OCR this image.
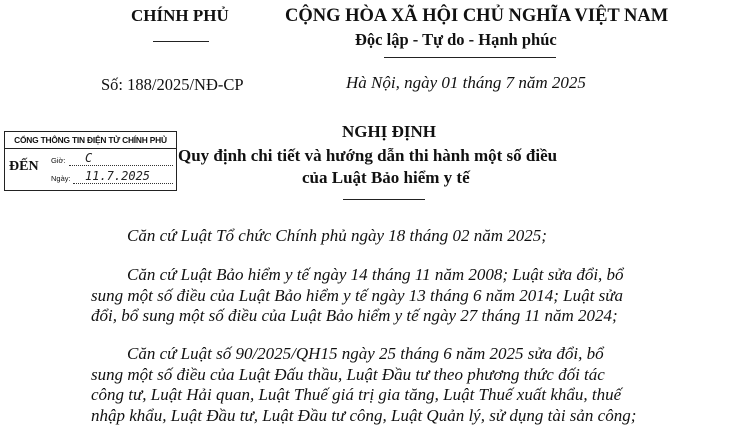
CHÍNH PHỦ	CỘNG HÒA XÃ HỘI CHỦ NGHĨA VIỆT NAM
Độc lập - Tự do - Hạnh phúc
Số: 188/2025/NĐ-CP	Hà Nội, ngày 01 tháng 7 năm 2025
CỔNG THÔNG TIN ĐIỆN TỬ CHÍNH PHỦ
ĐẾN Giờ: C
Ngày: 11.7.2025
NGHỊ ĐỊNH
Quy định chi tiết và hướng dẫn thi hành một số điều
của Luật Bảo hiểm y tế
Căn cứ Luật Tổ chức Chính phủ ngày 18 tháng 02 năm 2025;
Căn cứ Luật Bảo hiểm y tế ngày 14 tháng 11 năm 2008; Luật sửa đổi, bổ
sung một số điều của Luật Bảo hiểm y tế ngày 13 tháng 6 năm 2014; Luật sửa
đổi, bổ sung một số điều của Luật Bảo hiểm y tế ngày 27 tháng 11 năm 2024;
Căn cứ Luật số 90/2025/QH15 ngày 25 tháng 6 năm 2025 sửa đổi, bổ
sung một số điều của Luật Đấu thầu, Luật Đầu tư theo phương thức đối tác
công tư, Luật Hải quan, Luật Thuế giá trị gia tăng, Luật Thuế xuất khẩu, thuế
nhập khẩu, Luật Đầu tư, Luật Đầu tư công, Luật Quản lý, sử dụng tài sản công;
